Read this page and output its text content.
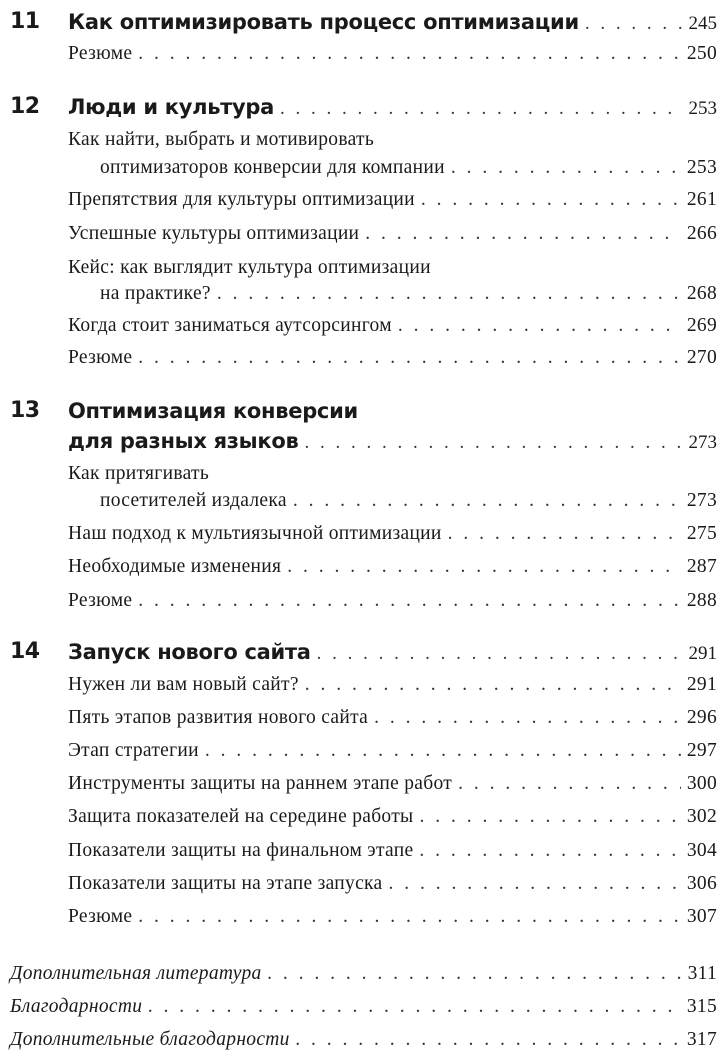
11 Как оптимизировать процесс оптимизации . . .	245
Резюме . . .	250
12 Люди и культура . . .	253
Как найти, выбрать и мотивировать
оптимизаторов конверсии для компании . . .	253
Препятствия для культуры оптимизации . . .	261
Успешные культуры оптимизации . . .	266
Кейс: как выглядит культура оптимизации
на практике? . . .	268
Когда стоит заниматься аутсорсингом . . .	269
Резюме . . .	270
13 Оптимизация конверсии
для разных языков . . .	273
Как притягивать
посетителей издалека . . .	273
Наш подход к мультиязычной оптимизации . . .	275
Необходимые изменения . . .	287
Резюме . . .	288
14 Запуск нового сайта . . .	291
Нужен ли вам новый сайт? . . .	291
Пять этапов развития нового сайта . . .	296
Этап стратегии . . .	297
Инструменты защиты на раннем этапе работ . . .	300
Защита показателей на середине работы . . .	302
Показатели защиты на финальном этапе . . .	304
Показатели защиты на этапе запуска . . .	306
Резюме . . .	307
Дополнительная литература . . .	311
Благодарности . . .	315
Дополнительные благодарности . . .	317
